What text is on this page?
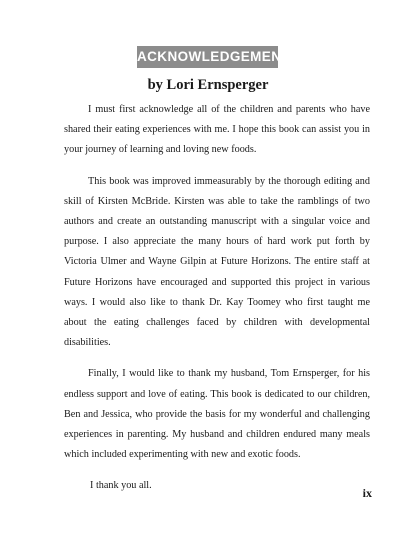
ACKNOWLEDGEMENT
by Lori Ernsperger

I must first acknowledge all of the children and parents who have shared their eating experiences with me. I hope this book can assist you in your journey of learning and loving new foods.

This book was improved immeasurably by the thorough editing and skill of Kirsten McBride. Kirsten was able to take the ramblings of two authors and create an outstanding manuscript with a singular voice and purpose. I also appreciate the many hours of hard work put forth by Victoria Ulmer and Wayne Gilpin at Future Horizons. The entire staff at Future Horizons have encouraged and supported this project in various ways. I would also like to thank Dr. Kay Toomey who first taught me about the eating challenges faced by children with developmental disabilities.

Finally, I would like to thank my husband, Tom Ernsperger, for his endless support and love of eating. This book is dedicated to our children, Ben and Jessica, who provide the basis for my wonderful and challenging experiences in parenting. My husband and children endured many meals which included experimenting with new and exotic foods.

I thank you all.

ix
